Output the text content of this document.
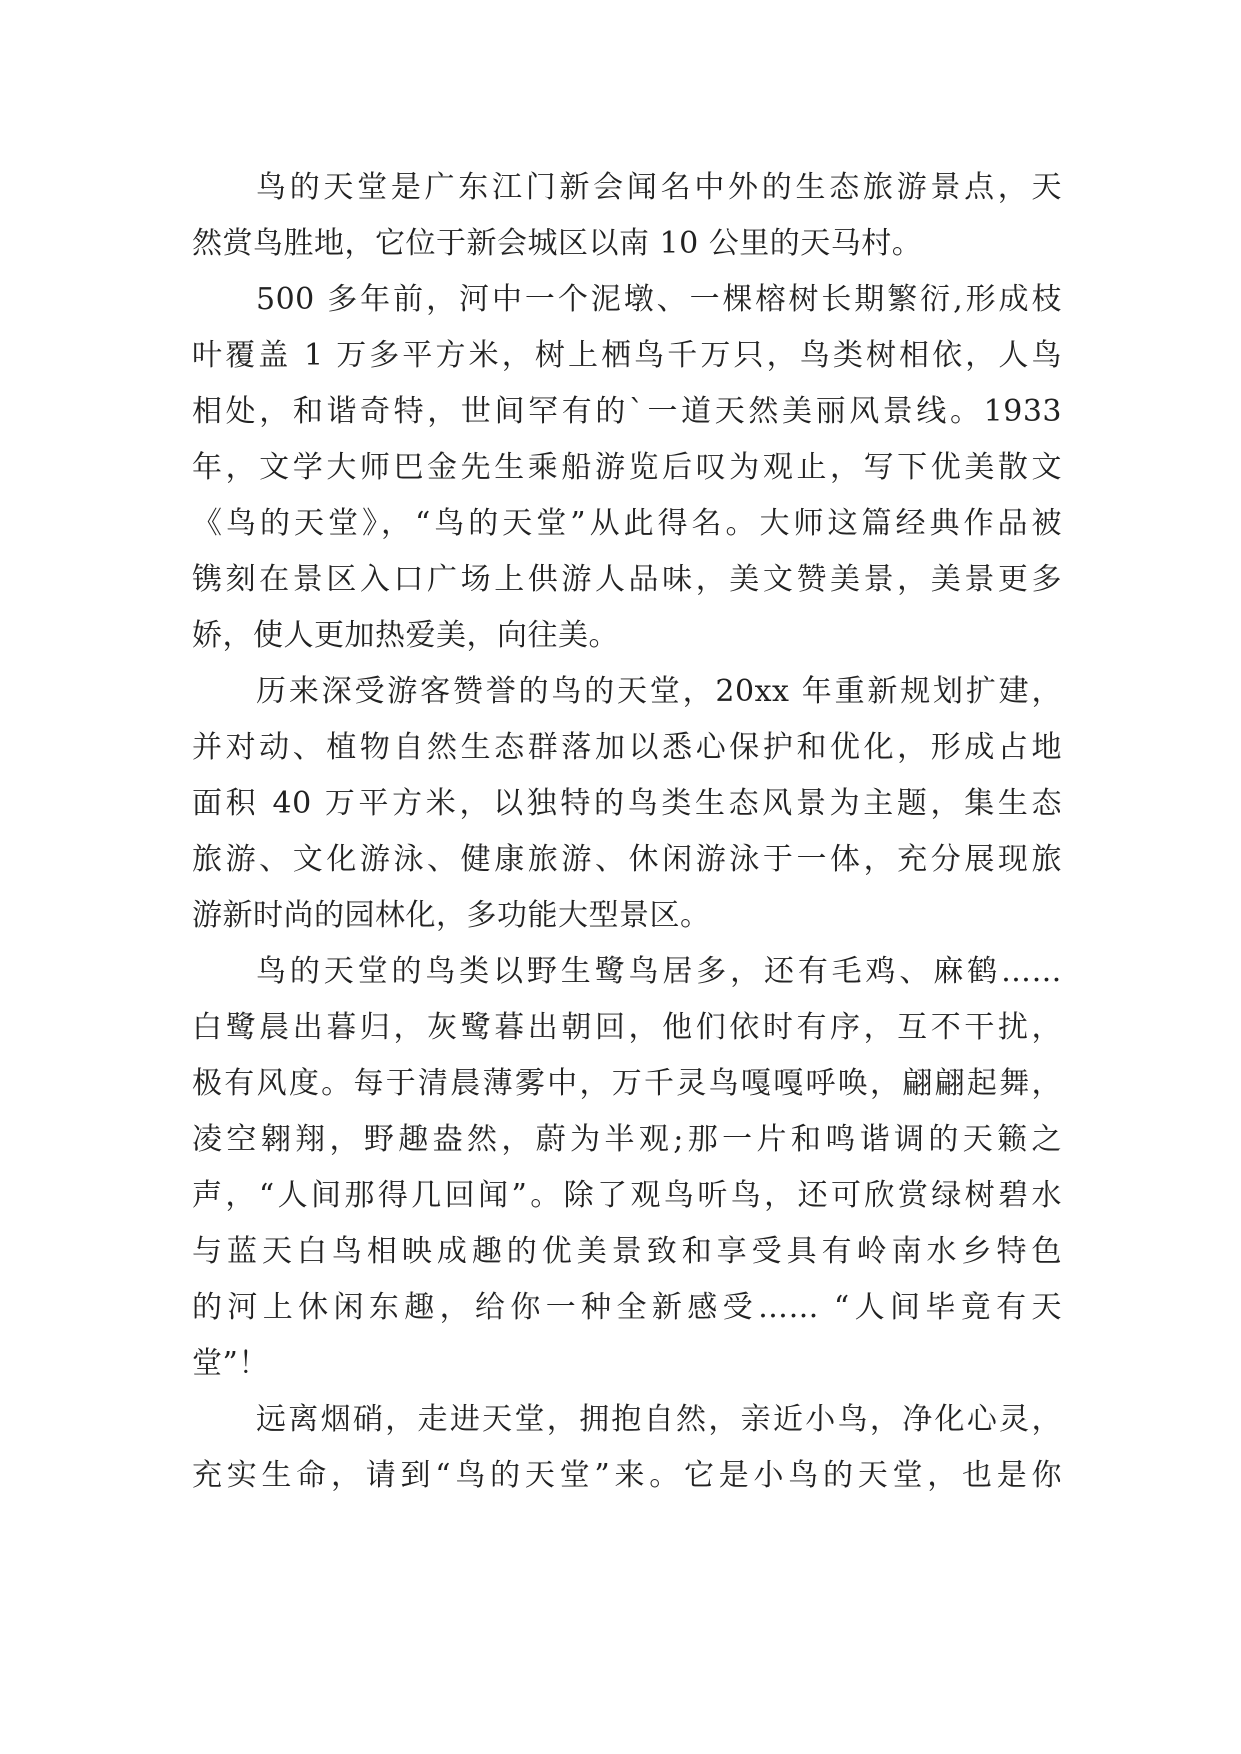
鸟的天堂是广东江门新会闻名中外的生态旅游景点，天
然赏鸟胜地，它位于新会城区以南 10 公里的天马村。
500 多年前，河中一个泥墩、一棵榕树长期繁衍,形成枝
叶覆盖 1 万多平方米，树上栖鸟千万只，鸟类树相依，人鸟
相处，和谐奇特，世间罕有的`一道天然美丽风景线。1933
年，文学大师巴金先生乘船游览后叹为观止，写下优美散文
《鸟的天堂》，“鸟的天堂”从此得名。大师这篇经典作品被
镌刻在景区入口广场上供游人品味，美文赞美景，美景更多
娇，使人更加热爱美，向往美。
历来深受游客赞誉的鸟的天堂，20xx 年重新规划扩建，
并对动、植物自然生态群落加以悉心保护和优化，形成占地
面积 40 万平方米，以独特的鸟类生态风景为主题，集生态
旅游、文化游泳、健康旅游、休闲游泳于一体，充分展现旅
游新时尚的园林化，多功能大型景区。
鸟的天堂的鸟类以野生鹭鸟居多，还有毛鸡、麻鹤……
白鹭晨出暮归，灰鹭暮出朝回，他们依时有序，互不干扰，
极有风度。每于清晨薄雾中，万千灵鸟嘎嘎呼唤，翩翩起舞，
凌空翱翔，野趣盎然，蔚为半观;那一片和鸣谐调的天籁之
声，“人间那得几回闻”。除了观鸟听鸟，还可欣赏绿树碧水
与蓝天白鸟相映成趣的优美景致和享受具有岭南水乡特色
的河上休闲东趣，给你一种全新感受…… “人间毕竟有天
堂”！
远离烟硝，走进天堂，拥抱自然，亲近小鸟，净化心灵，
充实生命，请到“鸟的天堂”来。它是小鸟的天堂，也是你
